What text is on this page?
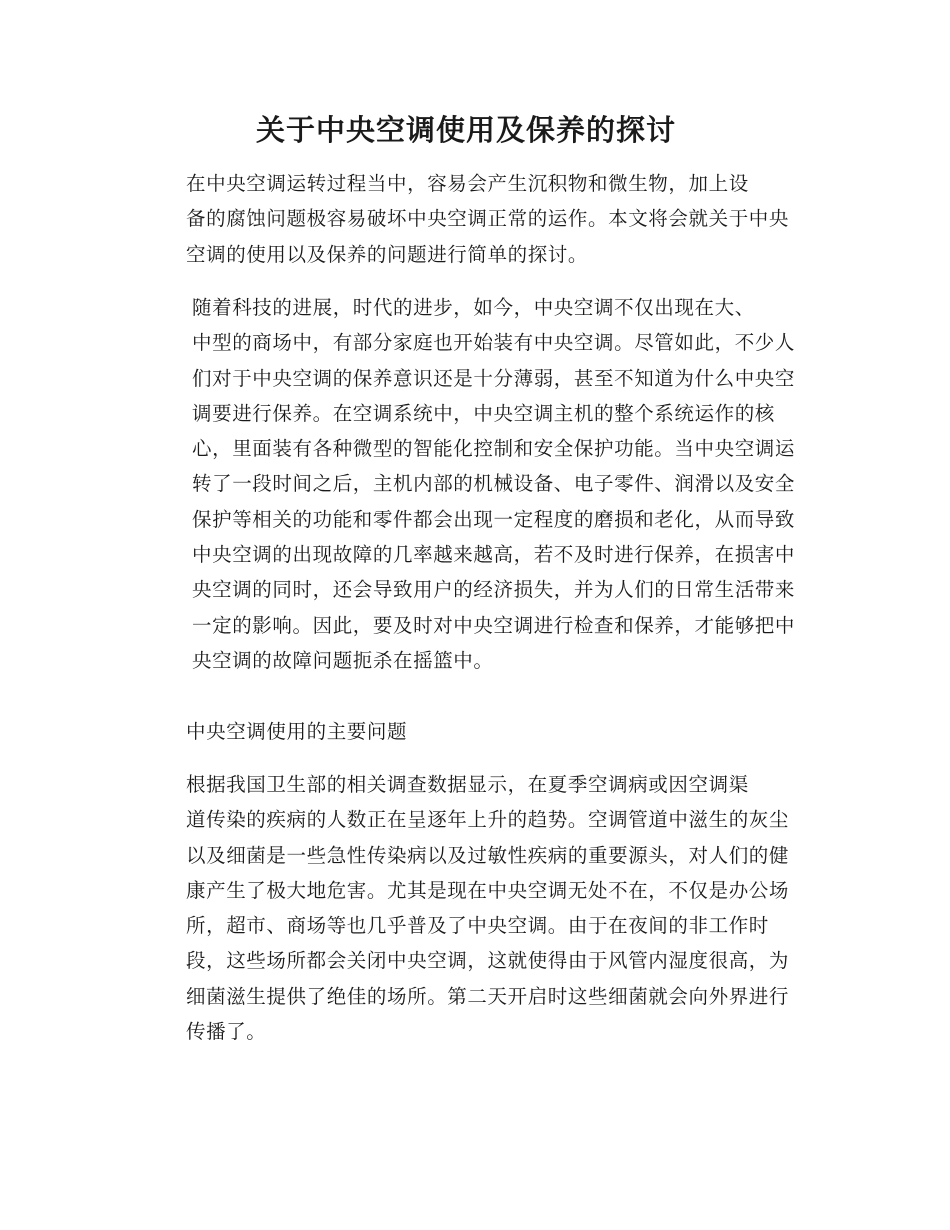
关于中央空调使用及保养的探讨

在中央空调运转过程当中，容易会产生沉积物和微生物，加上设
备的腐蚀问题极容易破坏中央空调正常的运作。本文将会就关于中央
空调的使用以及保养的问题进行简单的探讨。

随着科技的进展，时代的进步，如今，中央空调不仅出现在大、
中型的商场中，有部分家庭也开始装有中央空调。尽管如此，不少人
们对于中央空调的保养意识还是十分薄弱，甚至不知道为什么中央空
调要进行保养。在空调系统中，中央空调主机的整个系统运作的核
心，里面装有各种微型的智能化控制和安全保护功能。当中央空调运
转了一段时间之后，主机内部的机械设备、电子零件、润滑以及安全
保护等相关的功能和零件都会出现一定程度的磨损和老化，从而导致
中央空调的出现故障的几率越来越高，若不及时进行保养，在损害中
央空调的同时，还会导致用户的经济损失，并为人们的日常生活带来
一定的影响。因此，要及时对中央空调进行检查和保养，才能够把中
央空调的故障问题扼杀在摇篮中。

中央空调使用的主要问题

根据我国卫生部的相关调查数据显示，在夏季空调病或因空调渠
道传染的疾病的人数正在呈逐年上升的趋势。空调管道中滋生的灰尘
以及细菌是一些急性传染病以及过敏性疾病的重要源头，对人们的健
康产生了极大地危害。尤其是现在中央空调无处不在，不仅是办公场
所，超市、商场等也几乎普及了中央空调。由于在夜间的非工作时
段，这些场所都会关闭中央空调，这就使得由于风管内湿度很高，为
细菌滋生提供了绝佳的场所。第二天开启时这些细菌就会向外界进行
传播了。
